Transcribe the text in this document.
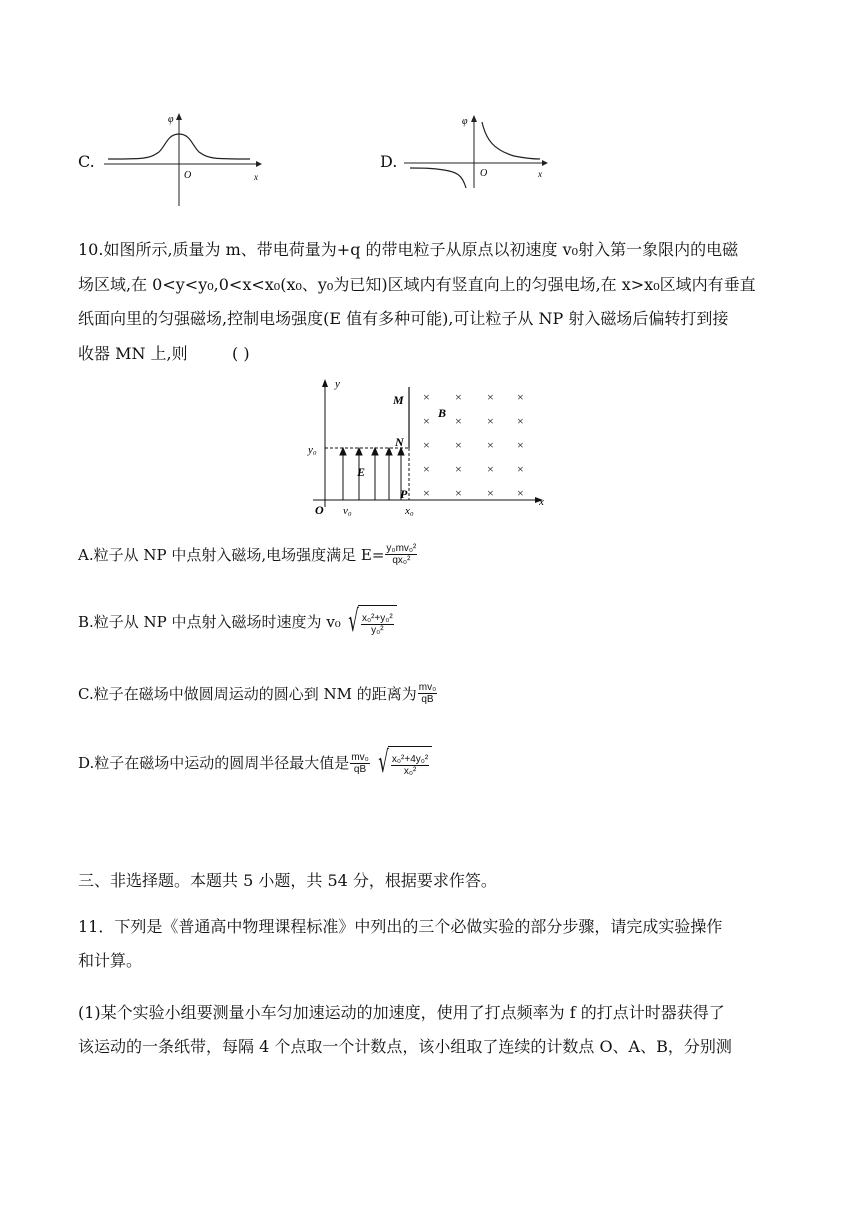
C.
φ
O	x
D.
φ
O	x
10.如图所示,质量为 m、带电荷量为+q 的带电粒子从原点以初速度 v₀射入第一象限内的电磁
场区域,在 0<y<y₀,0<x<x₀(x₀、y₀为已知)区域内有竖直向上的匀强电场,在 x>x₀区域内有垂直
纸面向里的匀强磁场,控制电场强度(E 值有多种可能),可让粒子从 NP 射入磁场后偏转打到接
收器 MN 上,则	( )
y
x
O v₀	x₀
y₀
E
M
N
P
B
× × × ×
× × × ×
× × × ×
× × × ×
× × × ×
A.粒子从 NP 中点射入磁场,电场强度满足 $E= \frac{\text{y₀mv₀²}}{\text{qx₀²}}$
B.粒子从 NP 中点射入磁场时速度为 v₀ √ $\frac{\text{x₀²+y₀²}}{\text{y₀²}}$
C.粒子在磁场中做圆周运动的圆心到 NM 的距离为 $\frac{\text{mv₀}}{qB}$
D.粒子在磁场中运动的圆周半径最大值是 $\frac{\text{mv₀}}{qB}$ √ $\frac{\text{x₀²+4y₀²}}{\text{x₀²}}$
三、非选择题。本题共 5 小题，共 54 分，根据要求作答。
11．下列是《普通高中物理课程标准》中列出的三个必做实验的部分步骤，请完成实验操作
和计算。
(1)某个实验小组要测量小车匀加速运动的加速度，使用了打点频率为 f 的打点计时器获得了
该运动的一条纸带，每隔 4 个点取一个计数点，该小组取了连续的计数点 O、A、B，分别测
